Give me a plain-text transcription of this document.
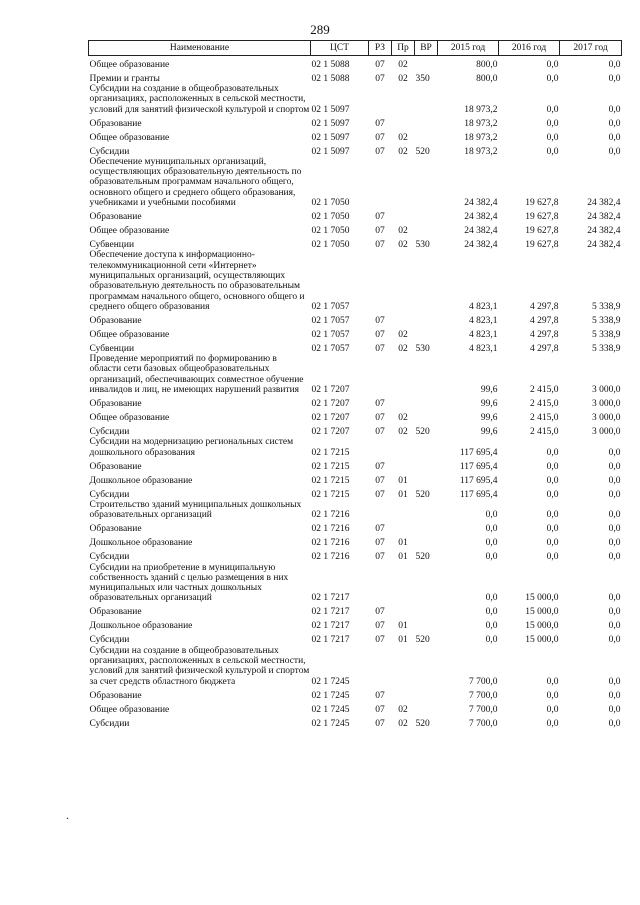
289
Наименование	ЦСТ	РЗ	Пр	ВР	2015 год	2016 год	2017 год
Общее образование	02 1 5088	07	02		800,0	0,0	0,0
Премии и гранты	02 1 5088	07	02	350	800,0	0,0	0,0
Субсидии на создание в общеобразовательных организациях, расположенных в сельской местности, условий для занятий физической культурой и спортом	02 1 5097				18 973,2	0,0	0,0
Образование	02 1 5097	07			18 973,2	0,0	0,0
Общее образование	02 1 5097	07	02		18 973,2	0,0	0,0
Субсидии	02 1 5097	07	02	520	18 973,2	0,0	0,0
Обеспечение муниципальных организаций, осуществляющих образовательную деятельность по образовательным программам начального общего, основного общего и среднего общего образования, учебниками и учебными пособиями	02 1 7050				24 382,4	19 627,8	24 382,4
Образование	02 1 7050	07			24 382,4	19 627,8	24 382,4
Общее образование	02 1 7050	07	02		24 382,4	19 627,8	24 382,4
Субвенции	02 1 7050	07	02	530	24 382,4	19 627,8	24 382,4
Обеспечение доступа к информационно-телекоммуникационной сети «Интернет» муниципальных организаций, осуществляющих образовательную деятельность по образовательным программам начального общего, основного общего и среднего общего образования	02 1 7057				4 823,1	4 297,8	5 338,9
Образование	02 1 7057	07			4 823,1	4 297,8	5 338,9
Общее образование	02 1 7057	07	02		4 823,1	4 297,8	5 338,9
Субвенции	02 1 7057	07	02	530	4 823,1	4 297,8	5 338,9
Проведение мероприятий по формированию в области сети базовых общеобразовательных организаций, обеспечивающих совместное обучение инвалидов и лиц, не имеющих нарушений развития	02 1 7207				99,6	2 415,0	3 000,0
Образование	02 1 7207	07			99,6	2 415,0	3 000,0
Общее образование	02 1 7207	07	02		99,6	2 415,0	3 000,0
Субсидии	02 1 7207	07	02	520	99,6	2 415,0	3 000,0
Субсидии на модернизацию региональных систем дошкольного образования	02 1 7215				117 695,4	0,0	0,0
Образование	02 1 7215	07			117 695,4	0,0	0,0
Дошкольное образование	02 1 7215	07	01		117 695,4	0,0	0,0
Субсидии	02 1 7215	07	01	520	117 695,4	0,0	0,0
Строительство зданий муниципальных дошкольных образовательных организаций	02 1 7216				0,0	0,0	0,0
Образование	02 1 7216	07			0,0	0,0	0,0
Дошкольное образование	02 1 7216	07	01		0,0	0,0	0,0
Субсидии	02 1 7216	07	01	520	0,0	0,0	0,0
Субсидии на приобретение в муниципальную собственность зданий с целью размещения в них муниципальных или частных дошкольных образовательных организаций	02 1 7217				0,0	15 000,0	0,0
Образование	02 1 7217	07			0,0	15 000,0	0,0
Дошкольное образование	02 1 7217	07	01		0,0	15 000,0	0,0
Субсидии	02 1 7217	07	01	520	0,0	15 000,0	0,0
Субсидии на создание в общеобразовательных организациях, расположенных в сельской местности, условий для занятий физической культурой и спортом за счет средств областного бюджета	02 1 7245				7 700,0	0,0	0,0
Образование	02 1 7245	07			7 700,0	0,0	0,0
Общее образование	02 1 7245	07	02		7 700,0	0,0	0,0
Субсидии	02 1 7245	07	02	520	7 700,0	0,0	0,0
.
